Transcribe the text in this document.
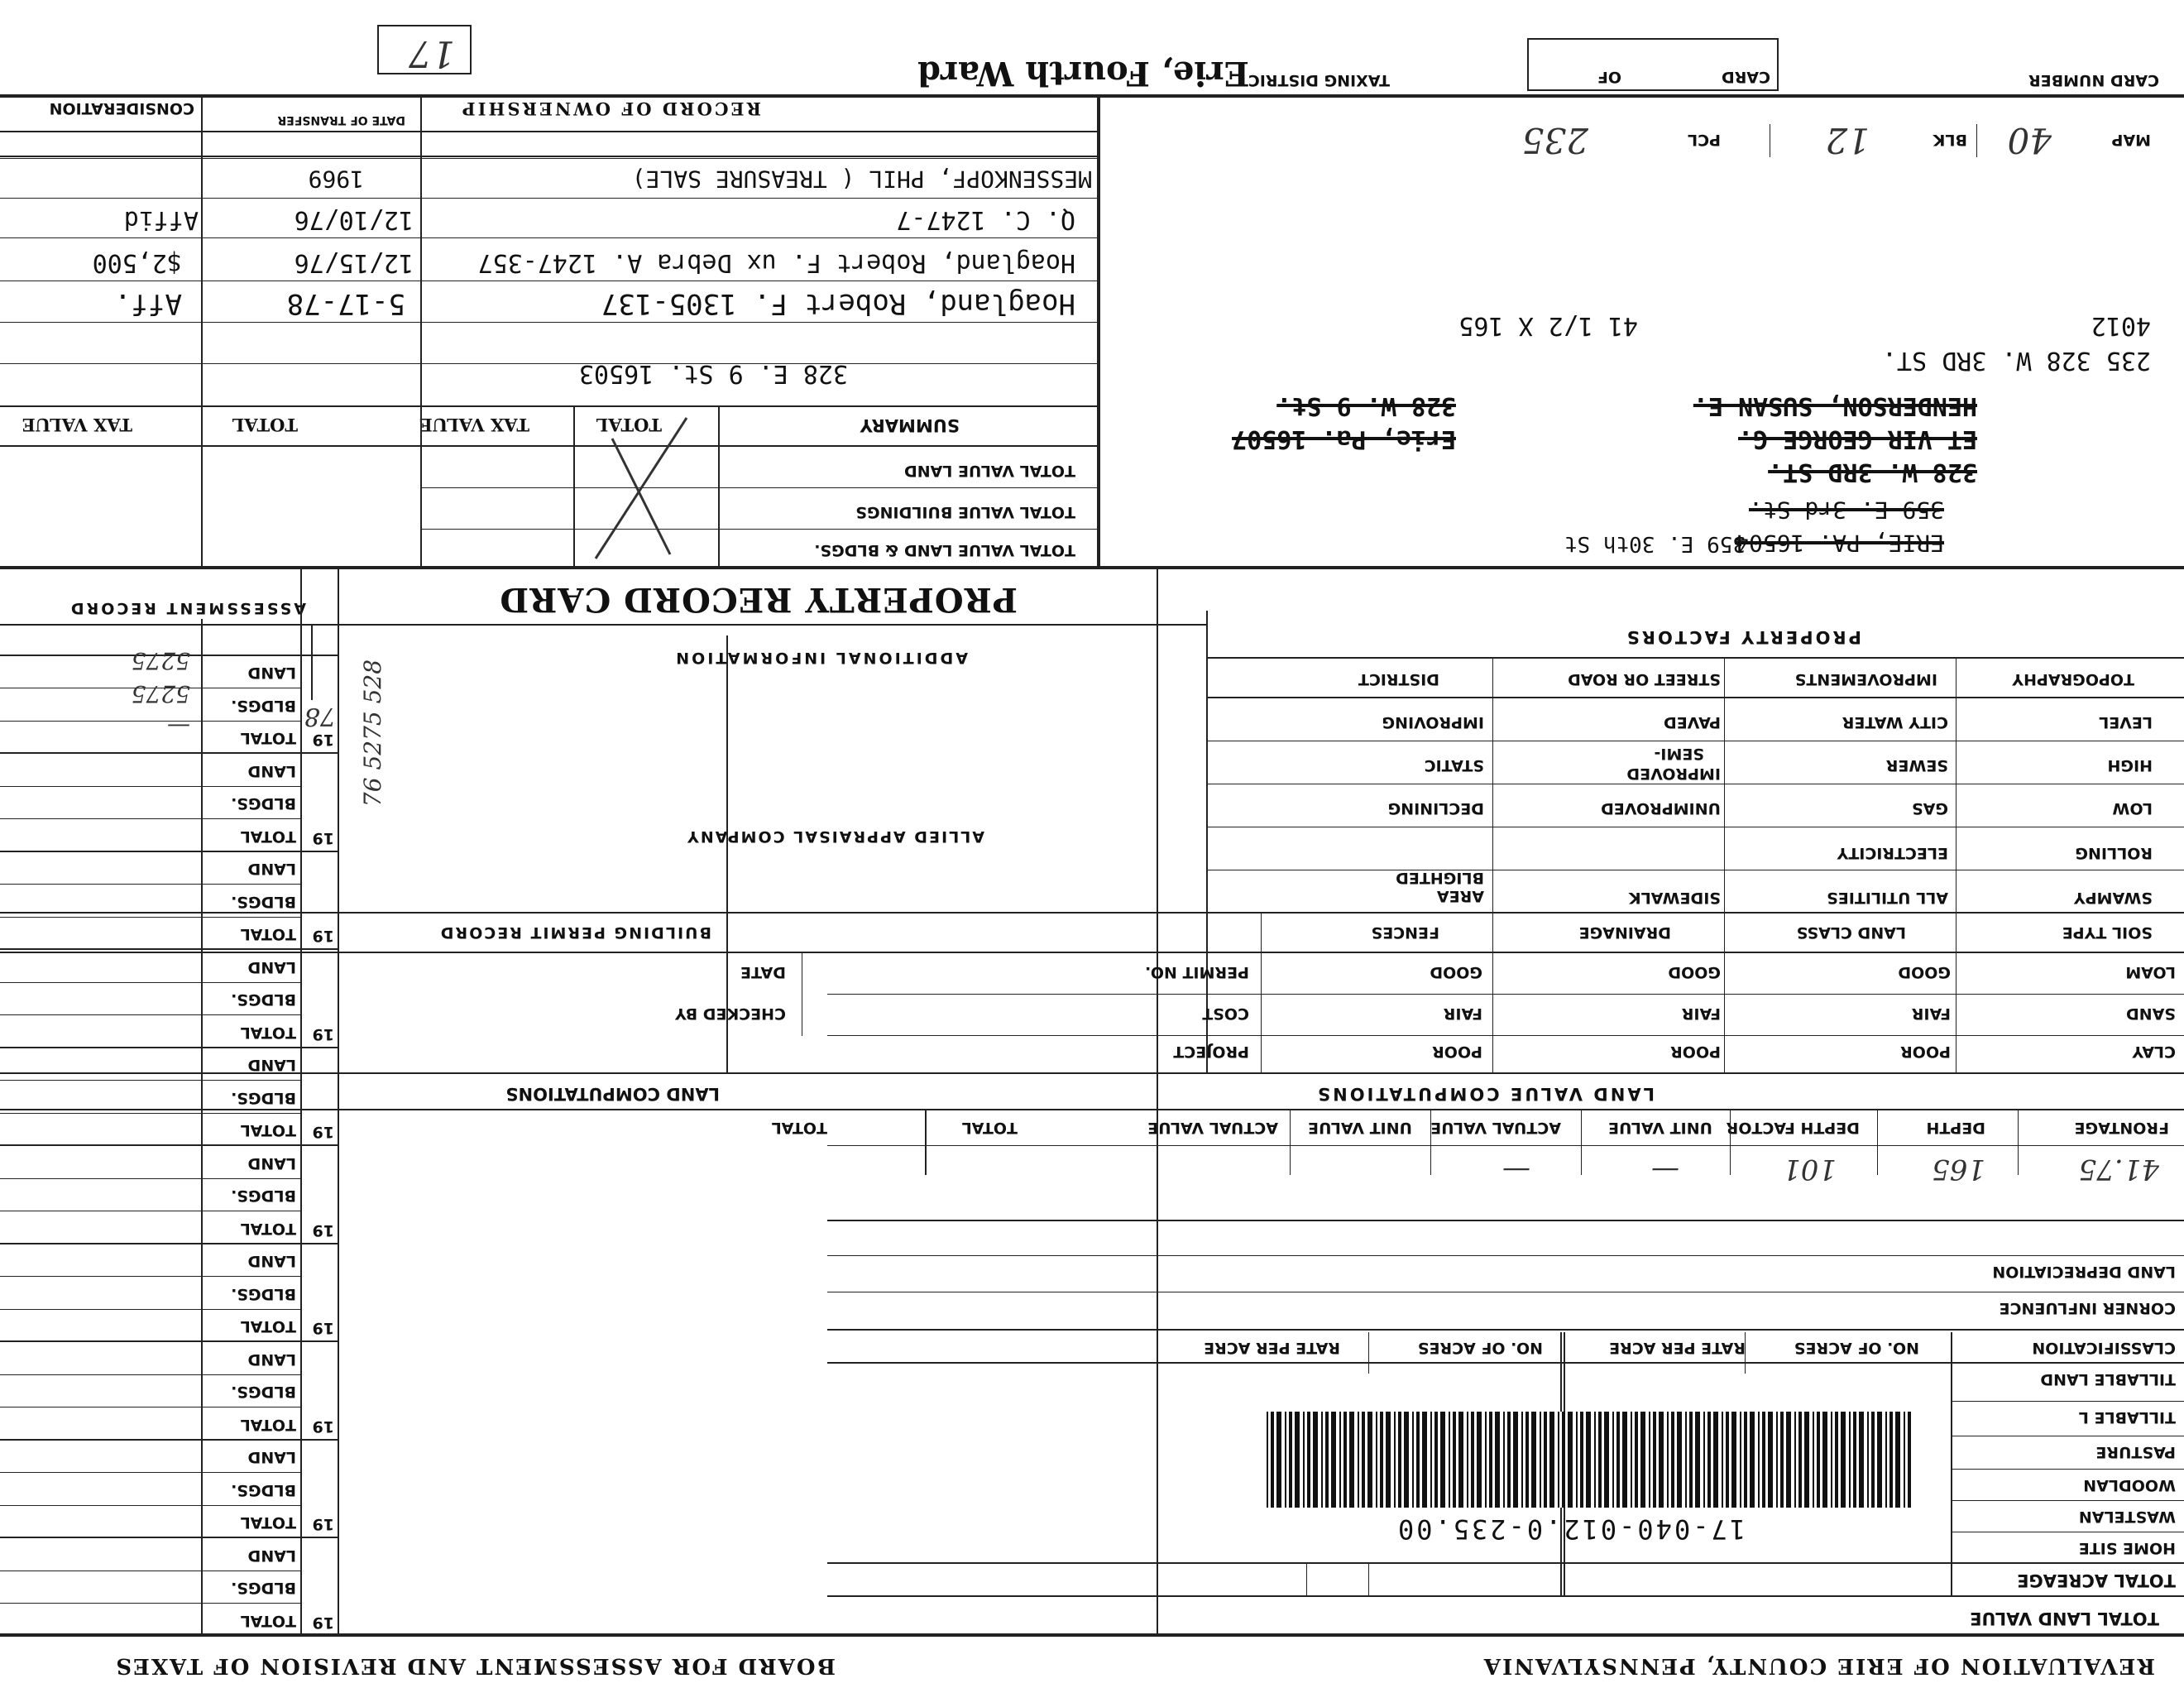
REVALUATION OF ERIE COUNTY, PENNSYLVANIA
BOARD FOR ASSESSMENT AND REVISION OF TAXES
TOTAL LAND VALUE
TOTAL ACREAGE
HOME SITE
WASTELAN
WOODLAN
PASTURE
TILLABLE L
TILLABLE LAND
CLASSIFICATION
NO. OF ACRES
RATE PER ACRE
NO. OF ACRES
RATE PER ACRE
CORNER INFLUENCE
LAND DEPRECIATION
17-040-012.0-235.00
41.75
165
101
—
—
FRONTAGE
DEPTH
DEPTH FACTOR
UNIT VALUE
ACTUAL VALUE
UNIT VALUE
ACTUAL VALUE
TOTAL
TOTAL
LAND VALUE COMPUTATIONS
LAND COMPUTATIONS
CLAY
SAND
LOAM
POOR
FAIR
GOOD
POOR
FAIR
GOOD
POOR
FAIR
GOOD
SOIL TYPE
LAND CLASS
DRAINAGE
FENCES
PROJECT
COST
PERMIT NO.
CHECKED BY
DATE
BUILDING PERMIT RECORD
SWAMPY
ROLLING
LOW
HIGH
LEVEL
ALL UTILITIES
ELECTRICITY
GAS
SEWER
CITY WATER
SIDEWALK
UNIMPROVED
IMPROVED
SEMI-
PAVED
AREA
BLIGHTED
DECLINING
STATIC
IMPROVING
TOPOGRAPHY
IMPROVEMENTS
STREET OR ROAD
DISTRICT
PROPERTY FACTORS
ALLIED APPRAISAL COMPANY
ADDITIONAL INFORMATION
PROPERTY RECORD CARD
ASSESSMENT RECORD
76 5275 528
328 E. 9 St. 16503
ERIE, PA. 16504
359 E. 3rd St.
359 E. 30th St
328 W. 3RD ST.
ET VIR GEORGE G.
HENDERSON, SUSAN E.
Erie, Pa. 16507
328 W. 9 St.
235 328 W. 3RD ST.
4012
41 1/2 X 165
MAP
40
BLK
12
PCL
235
CARD NUMBER
CARD
OF
TAXING DISTRICT
Erie, Fourth Ward
17
TOTAL VALUE LAND & BLDGS.
TOTAL VALUE BUILDINGS
TOTAL VALUE LAND
SUMMARY
TOTAL
TAX VALUE
TOTAL
TAX VALUE
Hoagland, Robert F. 1305-137
5-17-78
Aff.
Hoagland, Robert F. ux Debra A. 1247-357
12/15/76
$2,500
Q. C. 1247-7
12/10/76
Affid
MESSENKOPF, PHIL ( TREASURE SALE)
1969
RECORD OF OWNERSHIP
DATE OF TRANSFER
CONSIDERATION
TOTAL
BLDGS.
LAND
19
TOTAL
BLDGS.
LAND
19
TOTAL
BLDGS.
LAND
19
TOTAL
BLDGS.
LAND
19
TOTAL
BLDGS.
LAND
19
TOTAL
BLDGS.
LAND
19
TOTAL
BLDGS.
LAND
19
TOTAL
BLDGS.
LAND
19
TOTAL
BLDGS.
LAND
19
TOTAL
BLDGS.
LAND
19
78
—
5275
5275
